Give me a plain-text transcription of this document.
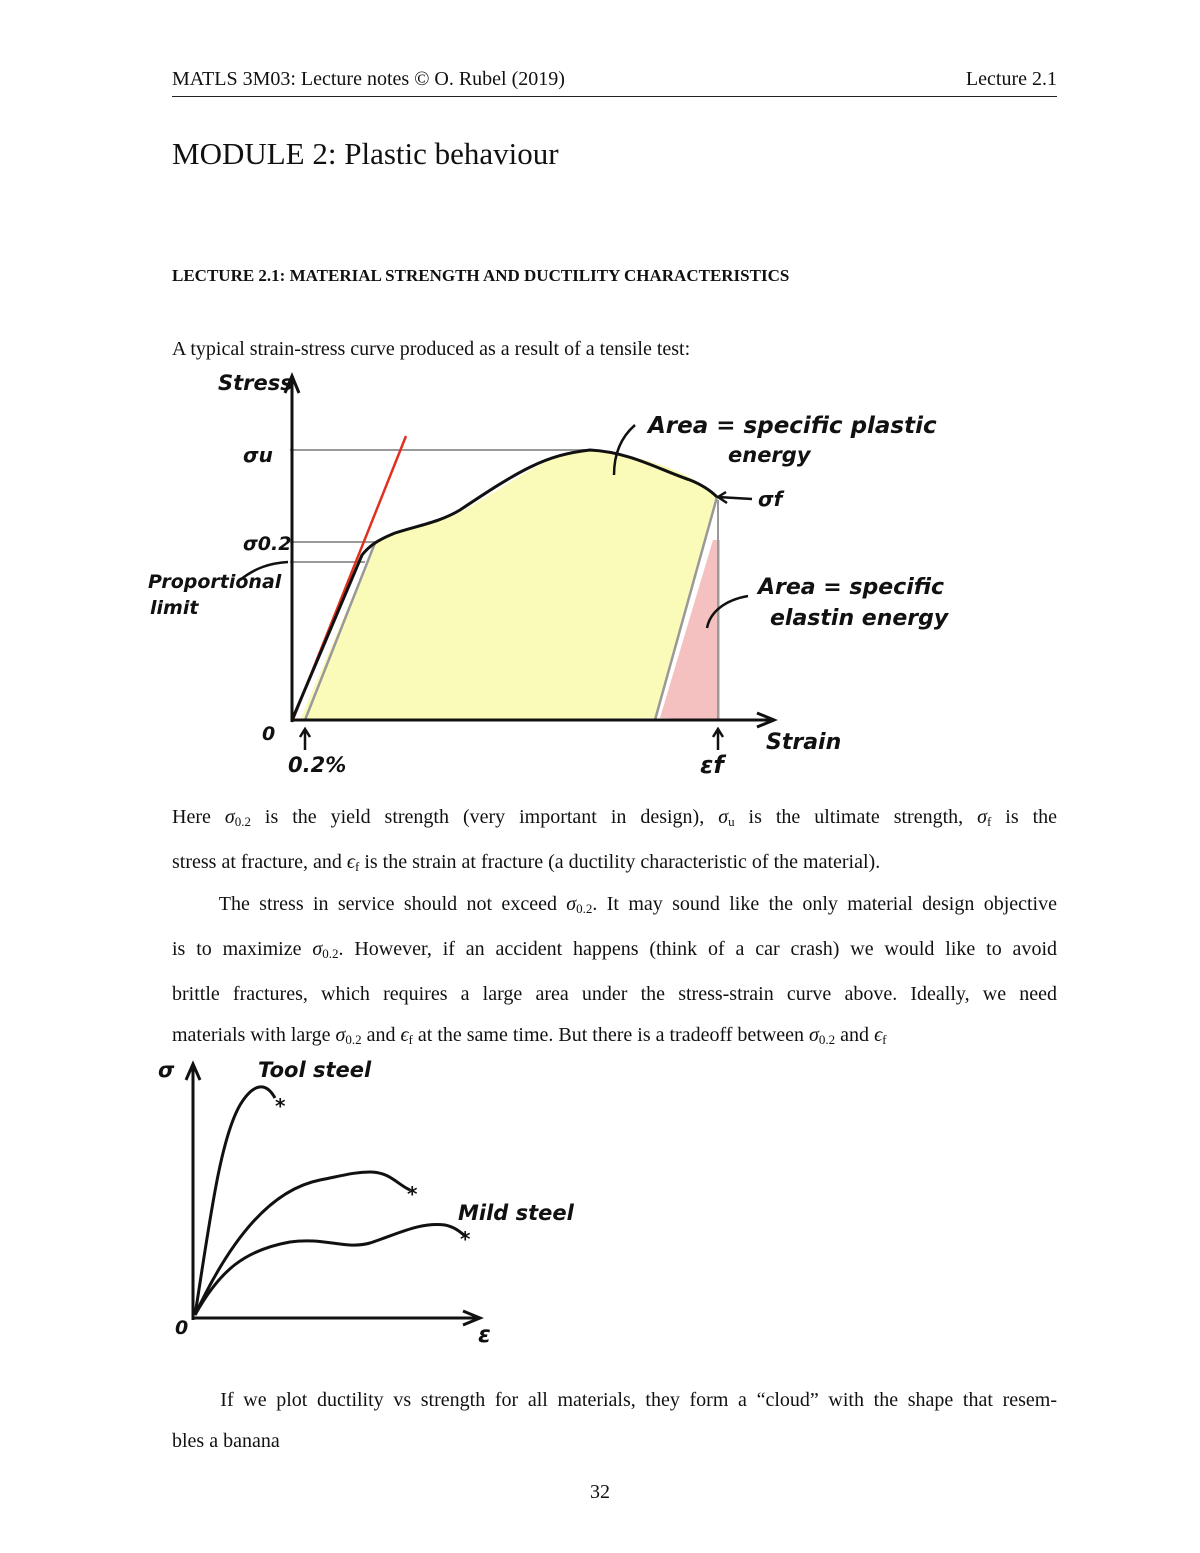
MATLS 3M03: Lecture notes © O. Rubel (2019)	Lecture 2.1
MODULE 2: Plastic behaviour
LECTURE 2.1: MATERIAL STRENGTH AND DUCTILITY CHARACTERISTICS
A typical strain-stress curve produced as a result of a tensile test:
Stress
σu
σ0.2
Proportional
limit
0
0.2%	εf
Strain
σf
Area = specific plastic
energy
Area = specific
elastin energy
Here $\sigma_{0.2}$ is the yield strength (very important in design), $\sigma_u$ is the ultimate strength, $\sigma_f$ is the
stress at fracture, and $\epsilon_f$ is the strain at fracture (a ductility characteristic of the material).
The stress in service should not exceed $\sigma_{0.2}$. It may sound like the only material design objective
is to maximize $\sigma_{0.2}$. However, if an accident happens (think of a car crash) we would like to avoid
brittle fractures, which requires a large area under the stress-strain curve above. Ideally, we need
materials with large $\sigma_{0.2}$ and $\epsilon_f$ at the same time. But there is a tradeoff between $\sigma_{0.2}$ and $\epsilon_f$
*
*
*
σ
ε
0
Tool steel
Mild steel
If we plot ductility vs strength for all materials, they form a “cloud” with the shape that resem-
bles a banana
32
